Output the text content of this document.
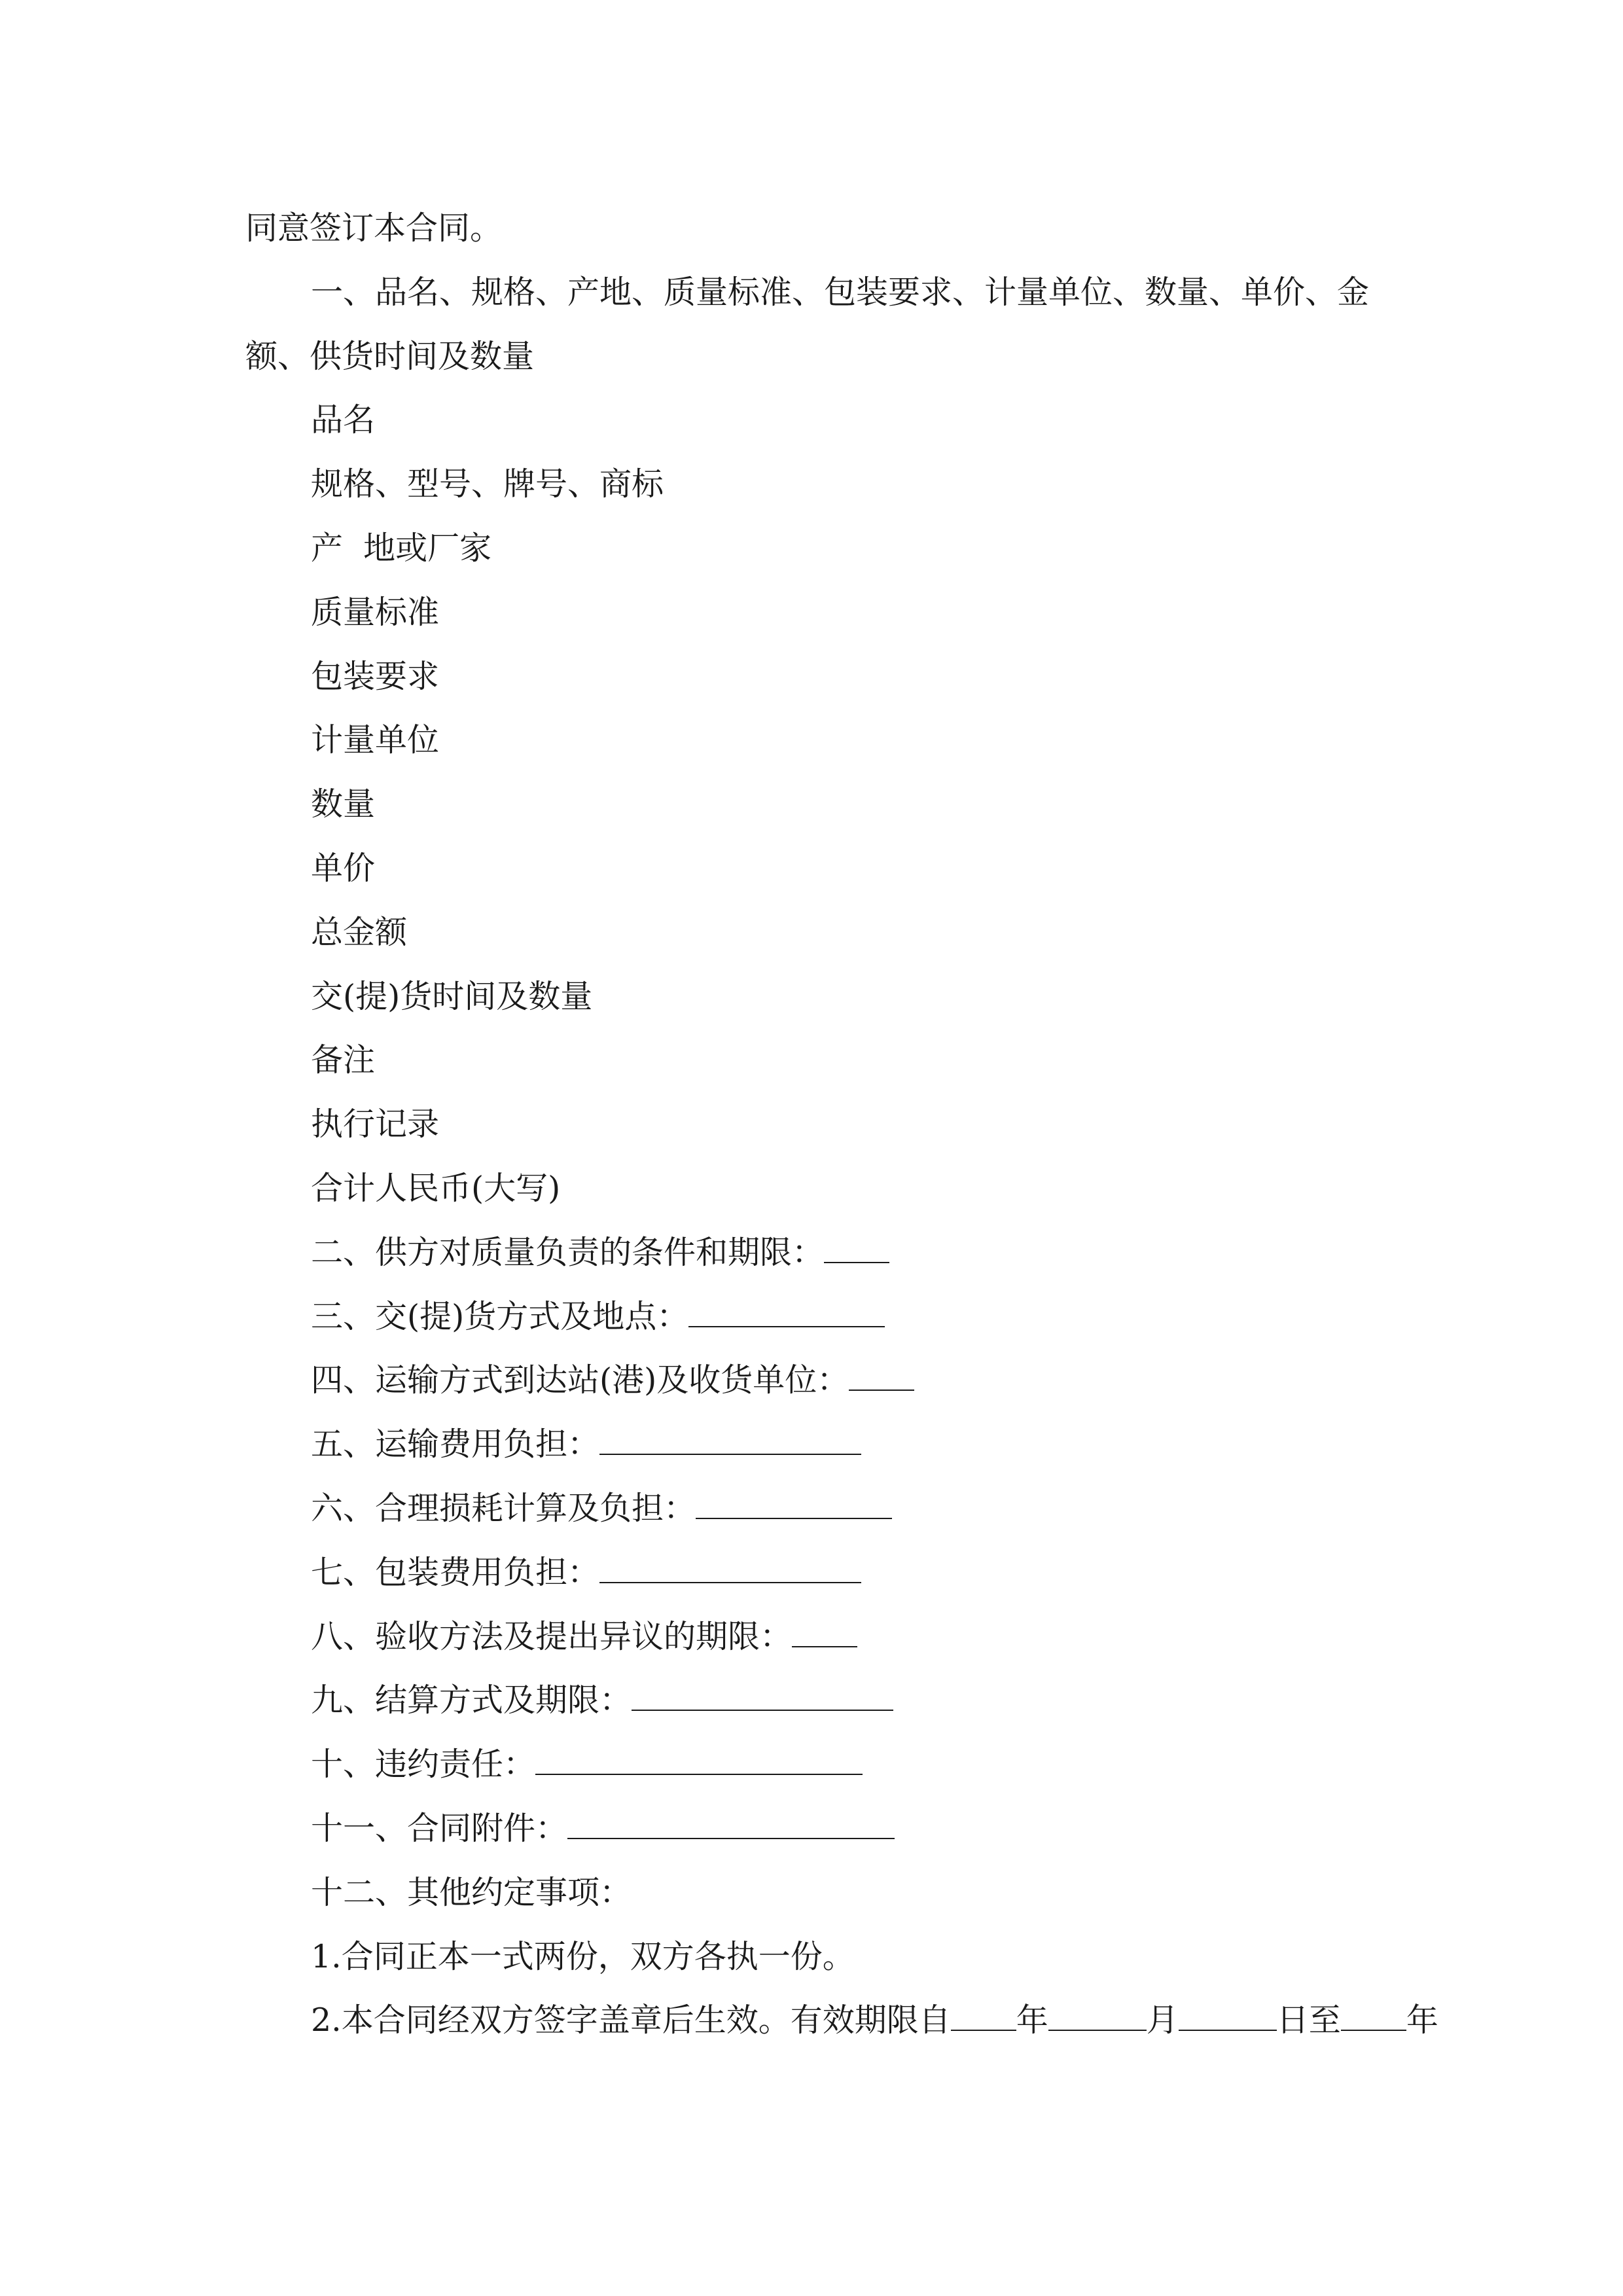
同意签订本合同。
一、品名、规格、产地、质量标准、包装要求、计量单位、数量、单价、金
额、供货时间及数量
品名
规格、型号、牌号、商标
产  地或厂家
质量标准
包装要求
计量单位
数量
单价
总金额
交(提)货时间及数量
备注
执行记录
合计人民币(大写)
二、供方对质量负责的条件和期限：
三、交(提)货方式及地点：
四、运输方式到达站(港)及收货单位：
五、运输费用负担：
六、合理损耗计算及负担：
七、包装费用负担：
八、验收方法及提出异议的期限：
九、结算方式及期限：
十、违约责任：
十一、合同附件：
十二、其他约定事项：
1.合同正本一式两份，双方各执一份。
2.本合同经双方签字盖章后生效。有效期限自 年	月	日至 年
